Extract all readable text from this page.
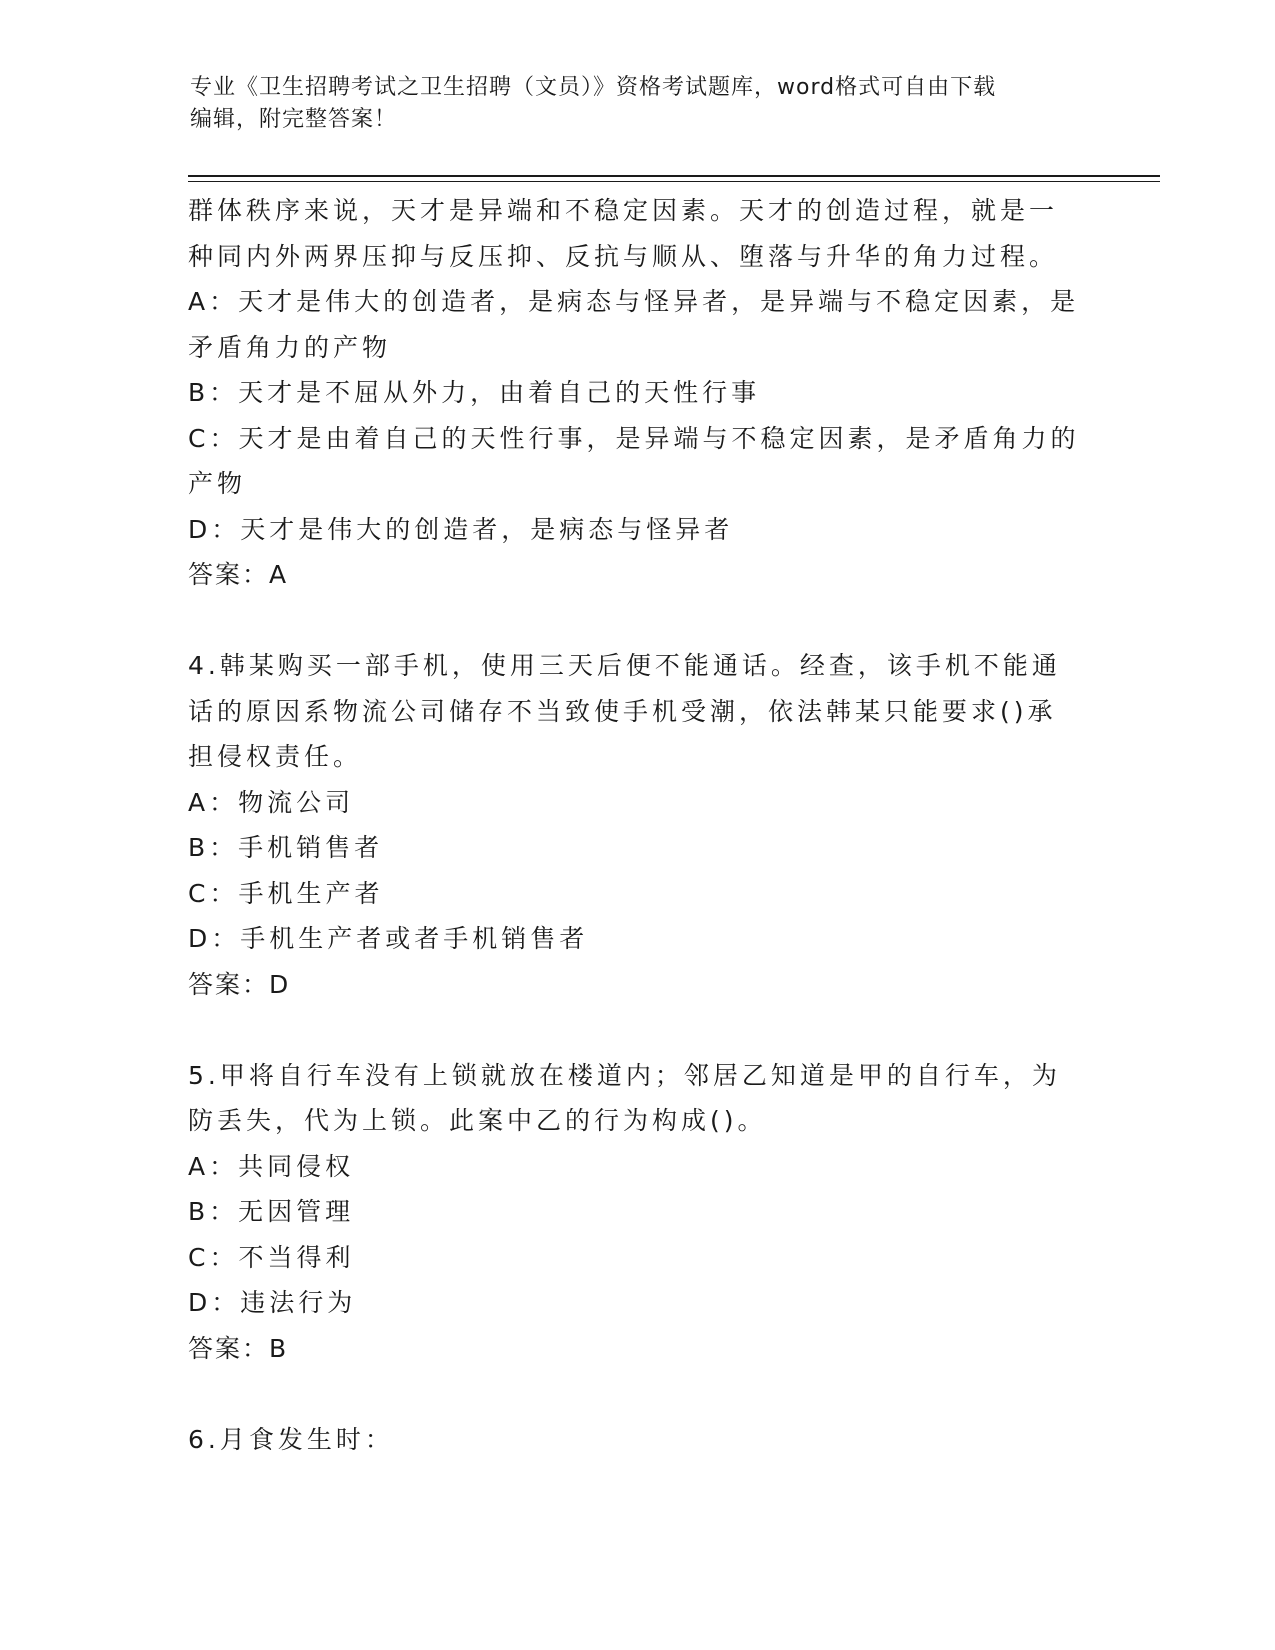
专业《卫生招聘考试之卫生招聘（文员）》资格考试题库，word格式可自由下载
编辑，附完整答案！
群体秩序来说，天才是异端和不稳定因素。天才的创造过程，就是一
种同内外两界压抑与反压抑、反抗与顺从、堕落与升华的角力过程。
A：天才是伟大的创造者，是病态与怪异者，是异端与不稳定因素，是
矛盾角力的产物
B：天才是不屈从外力，由着自己的天性行事
C：天才是由着自己的天性行事，是异端与不稳定因素，是矛盾角力的
产物
D：天才是伟大的创造者，是病态与怪异者
答案：A
4.韩某购买一部手机，使用三天后便不能通话。经查，该手机不能通
话的原因系物流公司储存不当致使手机受潮，依法韩某只能要求()承
担侵权责任。
A：物流公司
B：手机销售者
C：手机生产者
D：手机生产者或者手机销售者
答案：D
5.甲将自行车没有上锁就放在楼道内；邻居乙知道是甲的自行车，为
防丢失，代为上锁。此案中乙的行为构成()。
A：共同侵权
B：无因管理
C：不当得利
D：违法行为
答案：B
6.月食发生时：
